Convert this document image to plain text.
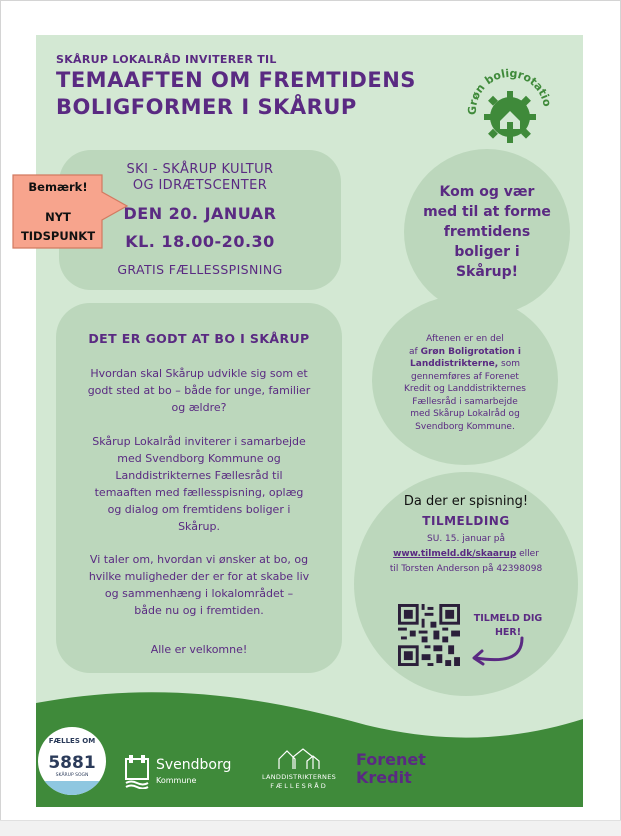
SKÅRUP LOKALRÅD INVITERER TIL
TEMAAFTEN OM FREMTIDENS
BOLIGFORMER I SKÅRUP	Grøn boligrotatio
SKI - SKÅRUP KULTUR
OG IDRÆTSCENTER
DEN 20. JANUAR
KL. 18.00-20.30
GRATIS FÆLLESSPISNING
Kom og vær
med til at forme
fremtidens
boliger i Skårup!
DET ER GODT AT BO I SKÅRUP
Hvordan skal Skårup udvikle sig som et
godt sted at bo – både for unge, familier
og ældre?
Skårup Lokalråd inviterer i samarbejde
med Svendborg Kommune og
Landdistrikternes Fællesråd til
temaaften med fællesspisning, oplæg
og dialog om fremtidens boliger i
Skårup.
Vi taler om, hvordan vi ønsker at bo, og
hvilke muligheder der er for at skabe liv
og sammenhæng i lokalområdet –
både nu og i fremtiden.
Alle er velkomne!
Aftenen er en del
af Grøn Boligrotation i
Landdistrikterne, som
gennemføres af Forenet
Kredit og Landdistrikternes
Fællesråd i samarbejde
med Skårup Lokalråd og
Svendborg Kommune.
Da der er spisning!
TILMELDING
SU. 15. januar på
www.tilmeld.dk/skaarup eller
til Torsten Anderson på 42398098
TILMELD DIG
HER!
FÆLLES OM
5881
SKÅRUP SOGN
Svendborg
Kommune	LANDDISTRIKTERNES
FÆLLESRÅD
Forenet
Kredit
Bemærk!
NYT
TIDSPUNKT
